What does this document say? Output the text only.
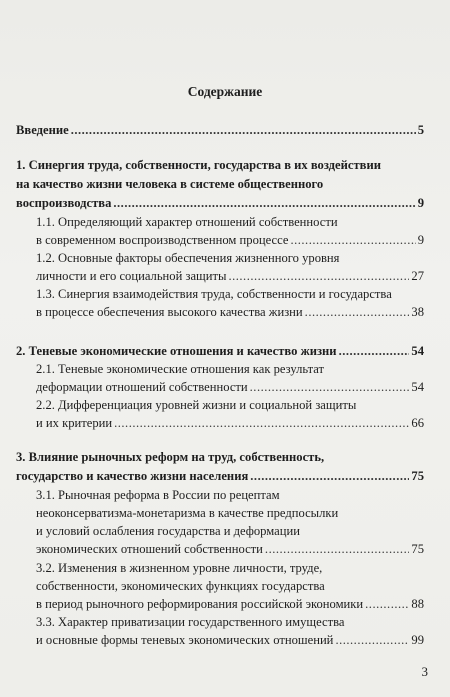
Содержание
Введение .....	5
1. Синергия труда, собственности, государства в их воздействии
на качество жизни человека в системе общественного
воспроизводства .....	9
1.1. Определяющий характер отношений собственности
в современном воспроизводственном процессе .....	9
1.2. Основные факторы обеспечения жизненного уровня
личности и его социальной защиты .....	27
1.3. Синергия взаимодействия труда, собственности и государства
в процессе обеспечения высокого качества жизни .....	38
2. Теневые экономические отношения и качество жизни .....	54
2.1. Теневые экономические отношения как результат
деформации отношений собственности .....	54
2.2. Дифференциация уровней жизни и социальной защиты
и их критерии .....	66
3. Влияние рыночных реформ на труд, собственность,
государство и качество жизни населения .....	75
3.1. Рыночная реформа в России по рецептам
неоконсерватизма-монетаризма в качестве предпосылки
и условий ослабления государства и деформации
экономических отношений собственности .....	75
3.2. Изменения в жизненном уровне личности, труде,
собственности, экономических функциях государства
в период рыночного реформирования российской экономики .....	88
3.3. Характер приватизации государственного имущества
и основные формы теневых экономических отношений .....	99
3
